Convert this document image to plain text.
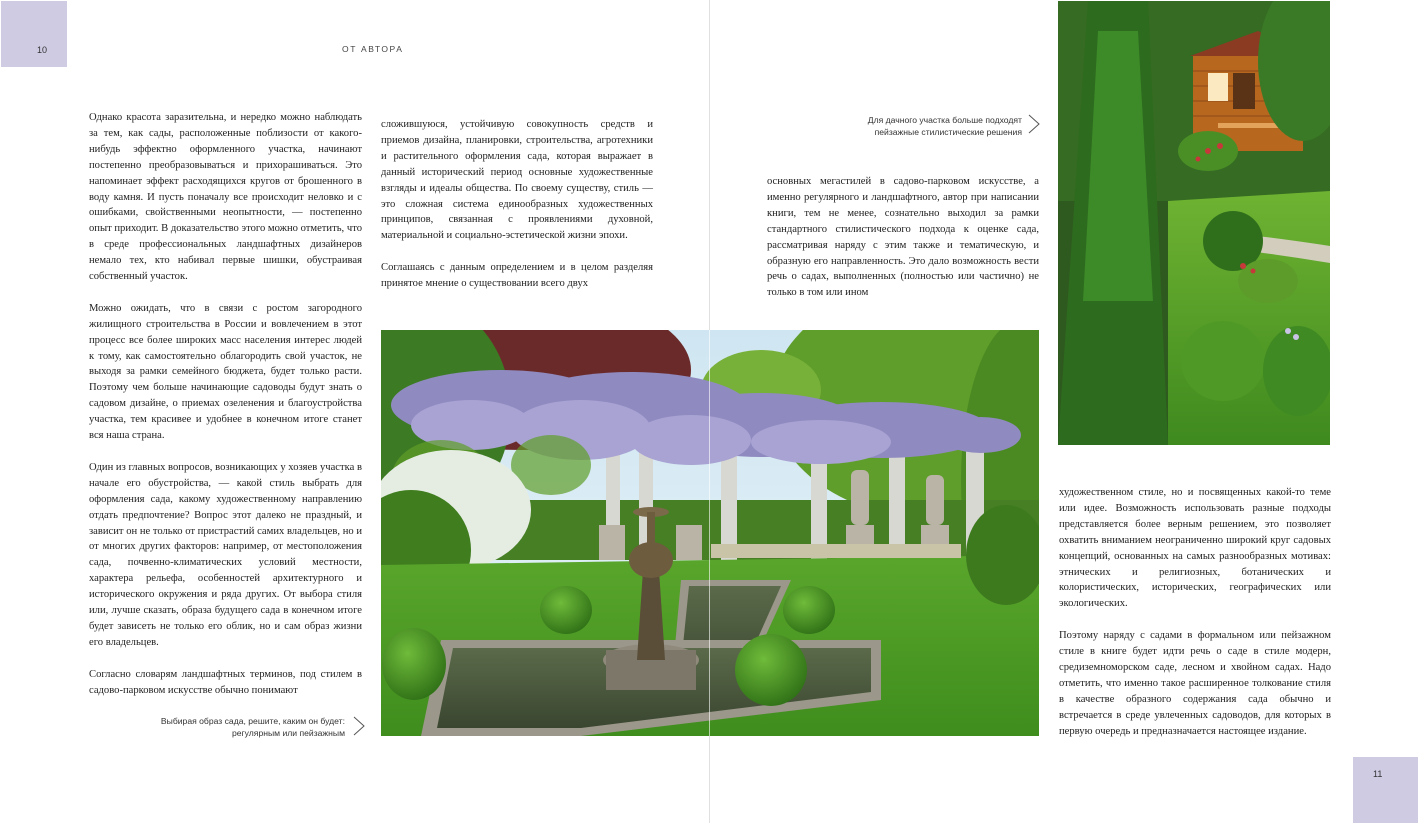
10
11
ОТ АВТОРА

Однако красота заразительна, и нередко можно наблюдать за тем, как сады, расположенные поблизости от какого-нибудь эффектно оформленного участка, начинают постепенно преобразовываться и прихорашиваться. Это напоминает эффект расходящихся кругов от брошенного в воду камня. И пусть поначалу все происходит неловко и с ошибками, свойственными неопытности, — постепенно опыт приходит. В доказательство этого можно отметить, что в среде профессиональных ландшафтных дизайнеров немало тех, кто набивал первые шишки, обустраивая собственный участок.

Можно ожидать, что в связи с ростом загородного жилищного строительства в России и вовлечением в этот процесс все более широких масс населения интерес людей к тому, как самостоятельно облагородить свой участок, не выходя за рамки семейного бюджета, будет только расти. Поэтому чем больше начинающие садоводы будут знать о садовом дизайне, о приемах озеленения и благоустройства участка, тем красивее и удобнее в конечном итоге станет вся наша страна.

Один из главных вопросов, возникающих у хозяев участка в начале его обустройства, — какой стиль выбрать для оформления сада, какому художественному направлению отдать предпочтение? Вопрос этот далеко не праздный, и зависит он не только от пристрастий самих владельцев, но и от многих других факторов: например, от местоположения сада, почвенно-климатических условий местности, характера рельефа, особенностей архитектурного и исторического окружения и ряда других. От выбора стиля или, лучше сказать, образа будущего сада в конечном итоге будет зависеть не только его облик, но и сам образ жизни его владельцев.

Согласно словарям ландшафтных терминов, под стилем в садово-парковом искусстве обычно понимают

сложившуюся, устойчивую совокупность средств и приемов дизайна, планировки, строительства, агротехники и растительного оформления сада, которая выражает в данный исторический период основные художественные взгляды и идеалы общества. По своему существу, стиль — это сложная система единообразных художественных принципов, связанная с проявлениями духовной, материальной и социально-эстетической жизни эпохи.

Соглашаясь с данным определением и в целом разделяя принятое мнение о существовании всего двух

основных мегастилей в садово-парковом искусстве, а именно регулярного и ландшафтного, автор при написании книги, тем не менее, сознательно выходил за рамки стандартного стилистического подхода к оценке сада, рассматривая наряду с этим также и тематическую, и образную его направленность. Это дало возможность вести речь о садах, выполненных (полностью или частично) не только в том или ином

художественном стиле, но и посвященных какой-то теме или идее. Возможность использовать разные подходы представляется более верным решением, это позволяет охватить вниманием неограниченно широкий круг садовых концепций, основанных на самых разнообразных мотивах: этнических и религиозных, ботанических и колористических, исторических, географических или экологических.

Поэтому наряду с садами в формальном или пейзажном стиле в книге будет идти речь о саде в стиле модерн, средиземноморском саде, лесном и хвойном садах. Надо отметить, что именно такое расширенное толкование стиля в качестве образного содержания сада обычно и встречается в среде увлеченных садоводов, для которых в первую очередь и предназначается настоящее издание.

Выбирая образ сада, решите, каким он будет: регулярным или пейзажным
Для дачного участка больше подходят пейзажные стилистические решения
